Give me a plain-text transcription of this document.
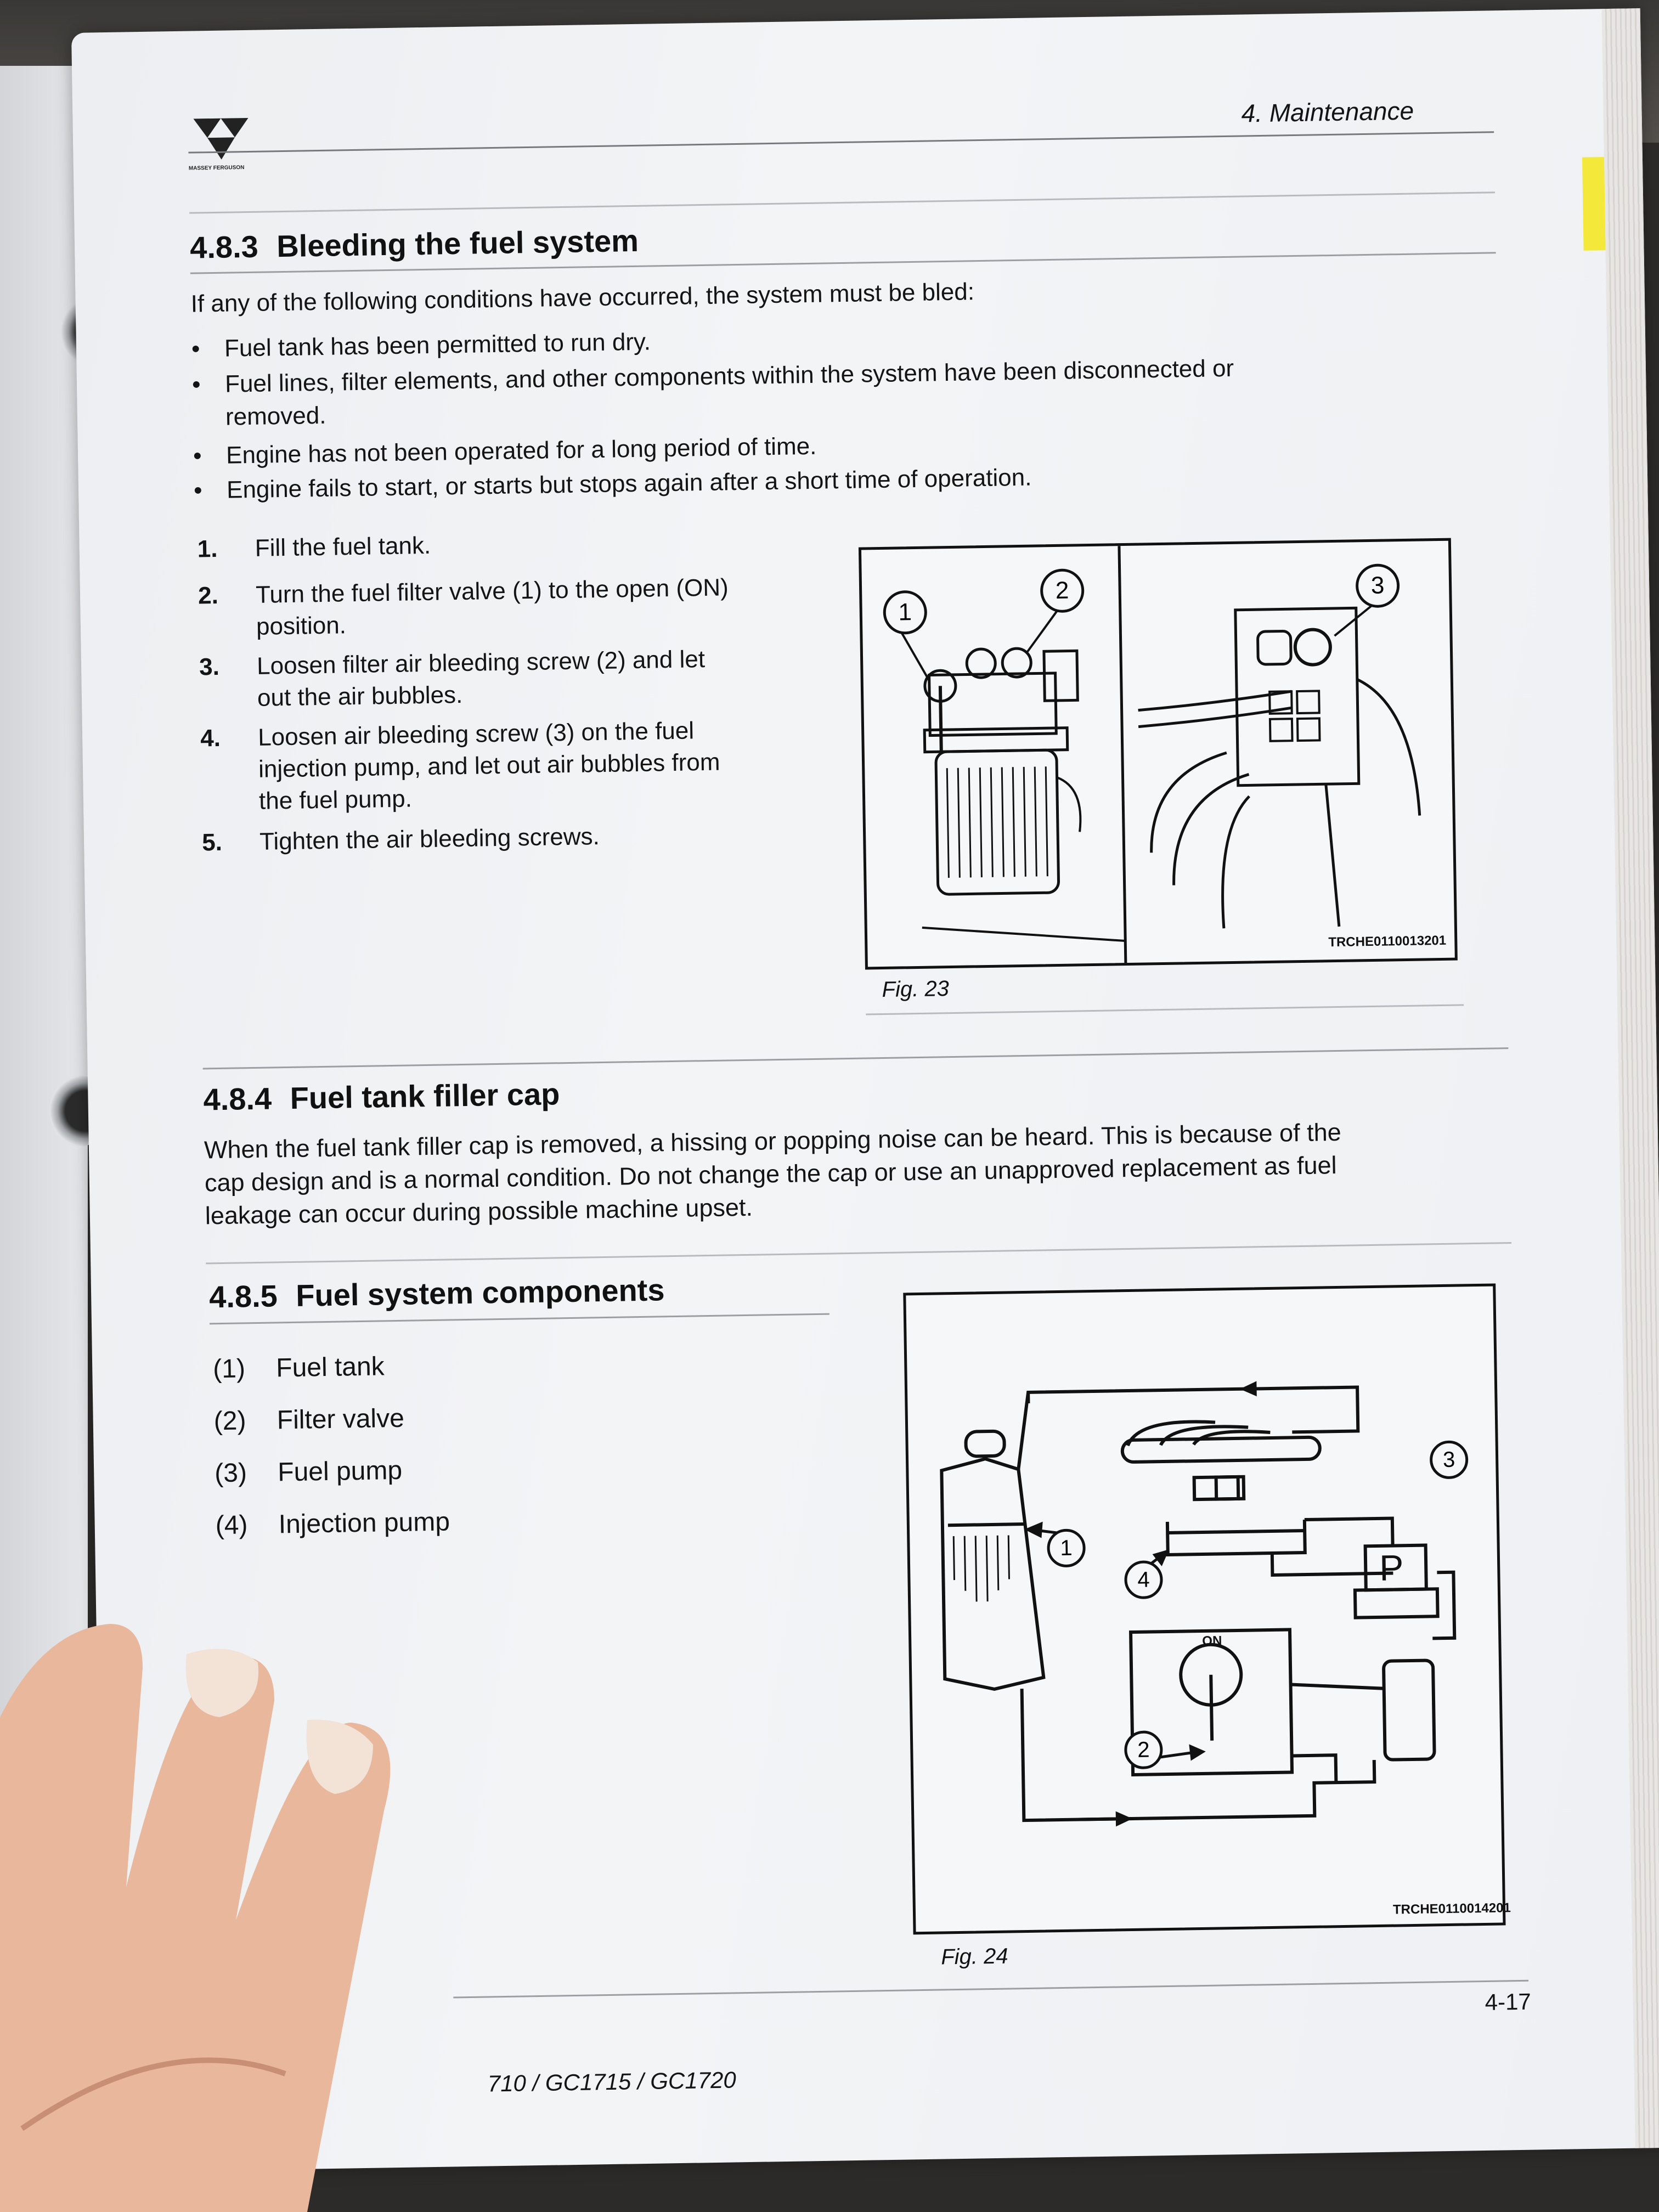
MASSEY FERGUSON
4. Maintenance
4.8.3 Bleeding the fuel system
If any of the following conditions have occurred, the system must be bled:
• Fuel tank has been permitted to run dry.
• Fuel lines, filter elements, and other components within the system have been disconnected or
removed.
• Engine has not been operated for a long period of time.
• Engine fails to start, or starts but stops again after a short time of operation.
1. Fill the fuel tank.
2. Turn the fuel filter valve (1) to the open (ON)
position.
3. Loosen filter air bleeding screw (2) and let
out the air bubbles.
4. Loosen air bleeding screw (3) on the fuel
injection pump, and let out air bubbles from
the fuel pump.
5. Tighten the air bleeding screws.
1
2	3
TRCHE0110013201
Fig. 23
4.8.4 Fuel tank filler cap
When the fuel tank filler cap is removed, a hissing or popping noise can be heard. This is because of the
cap design and is a normal condition. Do not change the cap or use an unapproved replacement as fuel
leakage can occur during possible machine upset.
4.8.5 Fuel system components
(1) Fuel tank
(2) Filter valve
(3) Fuel pump
(4) Injection pump
1
2
3
4	P
ON
TRCHE0110014201
Fig. 24
4-17
710 / GC1715 / GC1720
